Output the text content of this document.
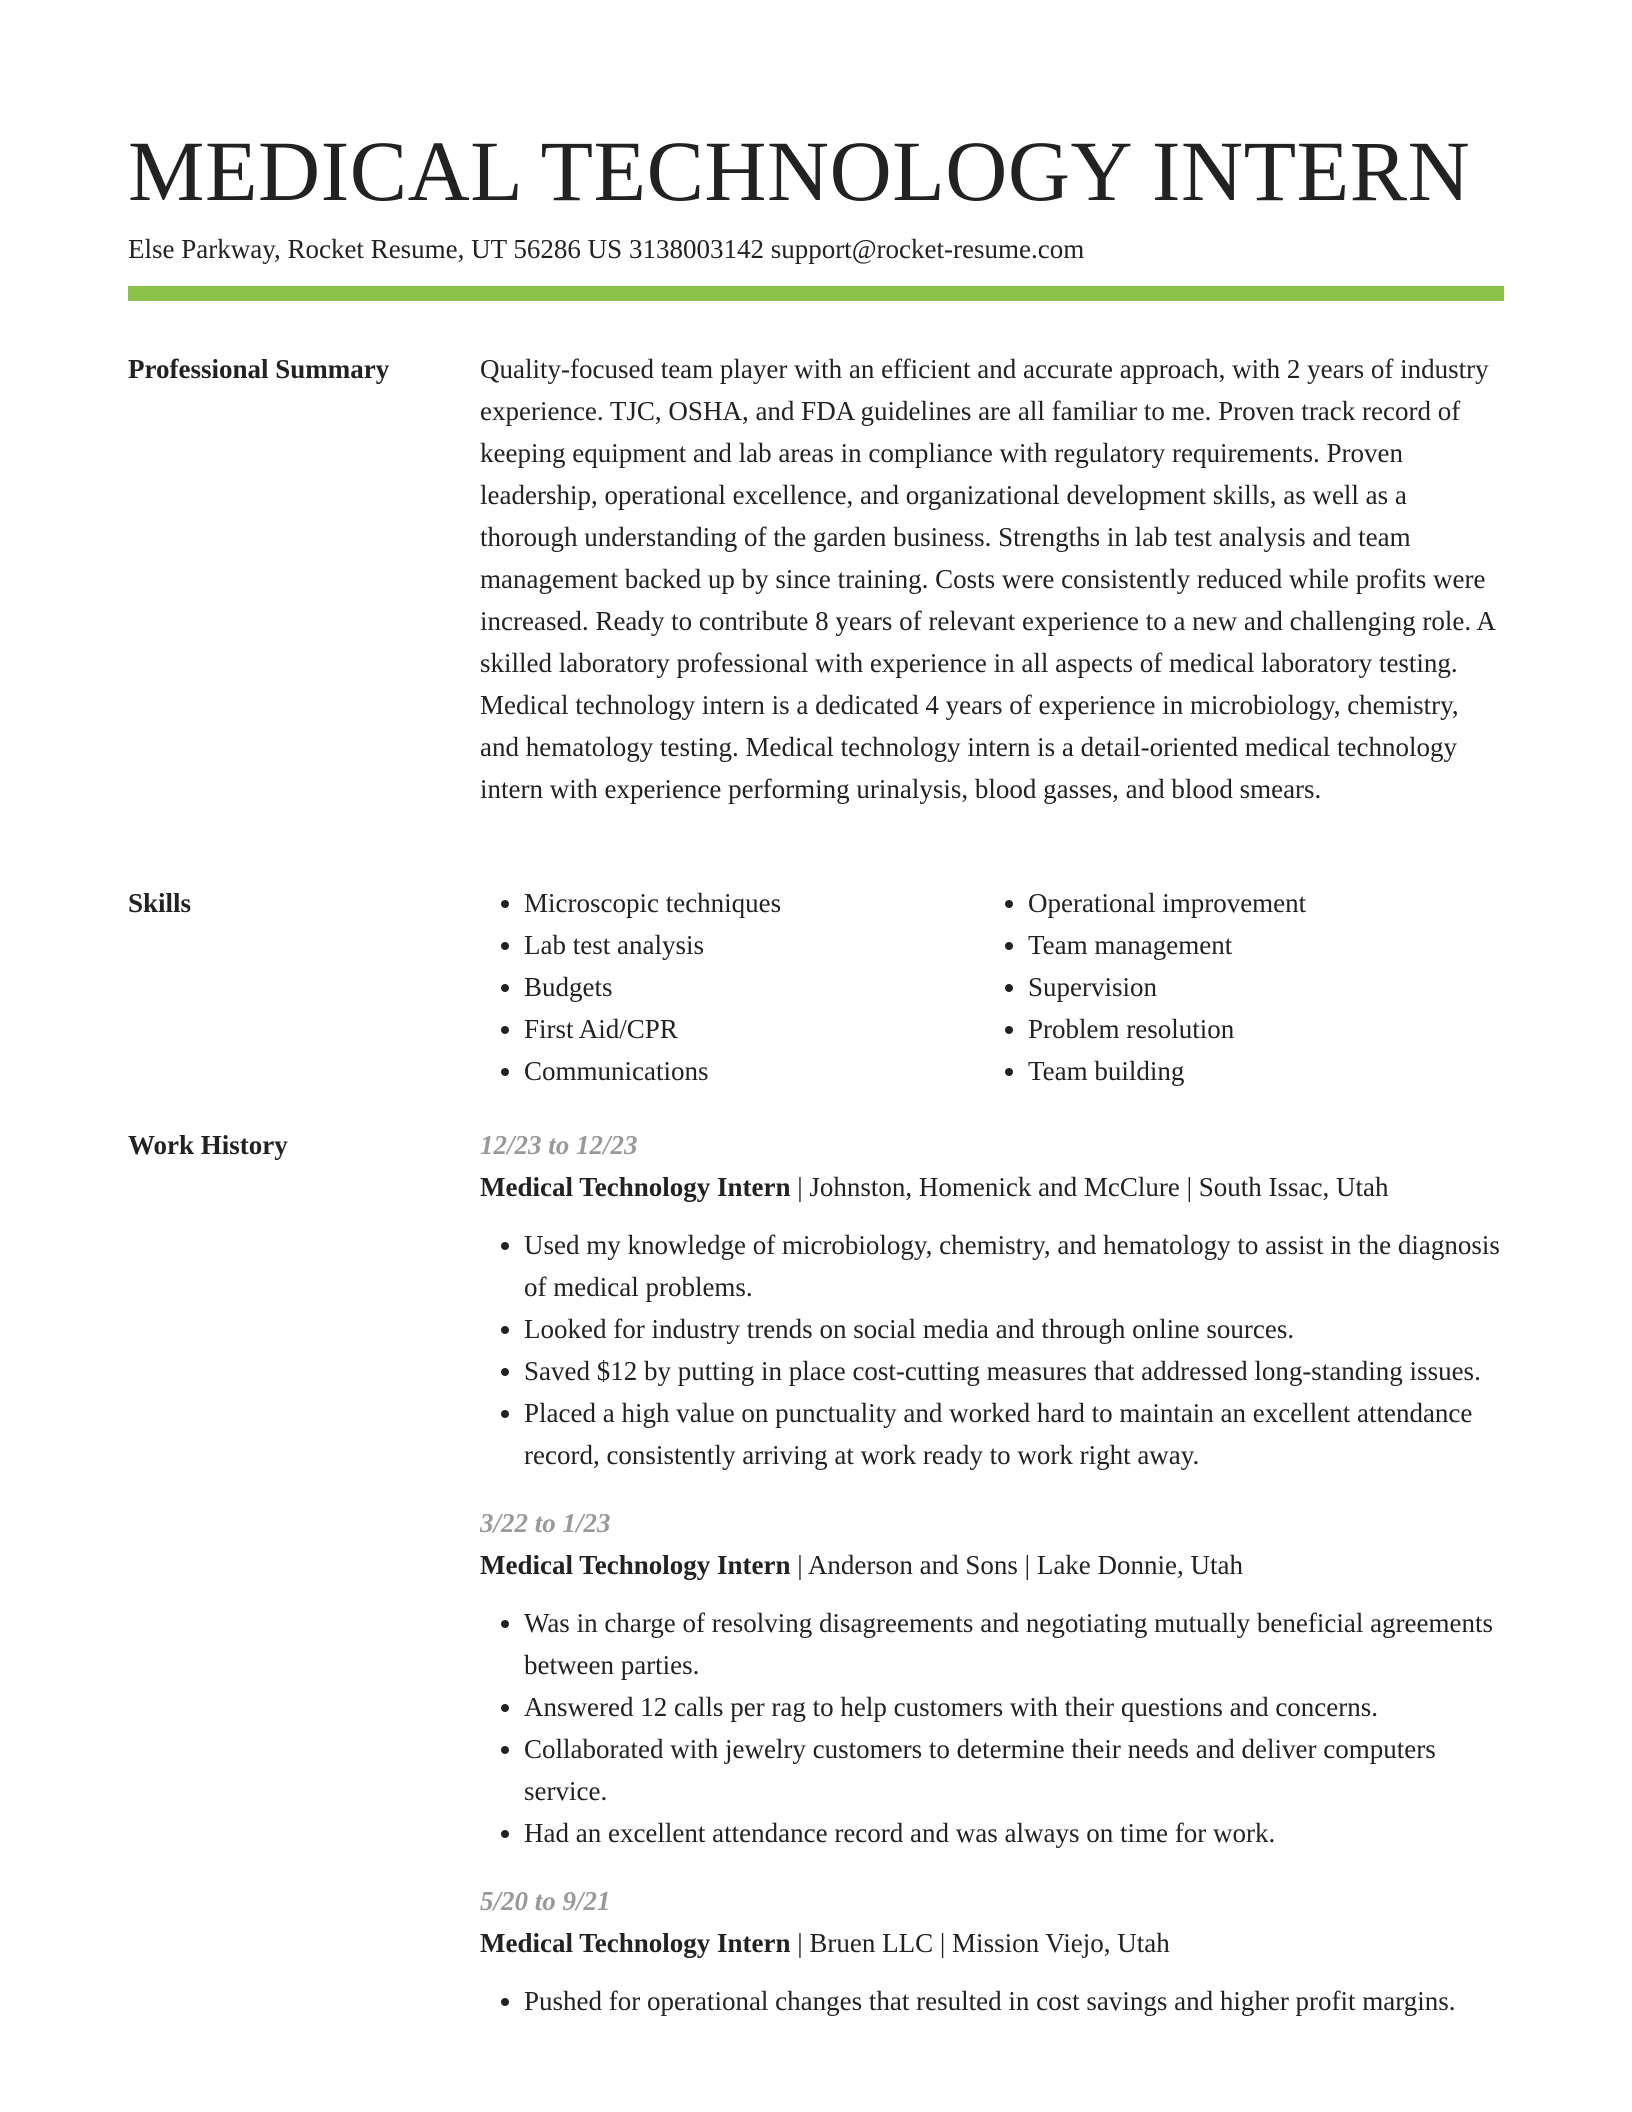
MEDICAL TECHNOLOGY INTERN
Else Parkway, Rocket Resume, UT 56286 US 3138003142 support@rocket-resume.com
Professional Summary	Quality-focused team player with an efficient and accurate approach, with 2 years of industry experience. TJC, OSHA, and FDA guidelines are all familiar to me. Proven track record of keeping equipment and lab areas in compliance with regulatory requirements. Proven leadership, operational excellence, and organizational development skills, as well as a thorough understanding of the garden business. Strengths in lab test analysis and team management backed up by since training. Costs were consistently reduced while profits were increased. Ready to contribute 8 years of relevant experience to a new and challenging role. A skilled laboratory professional with experience in all aspects of medical laboratory testing. Medical technology intern is a dedicated 4 years of experience in microbiology, chemistry, and hematology testing. Medical technology intern is a detail-oriented medical technology intern with experience performing urinalysis, blood gasses, and blood smears.

Skills
•	Microscopic techniques
• Lab test analysis
• Budgets
• First Aid/CPR
• Communications
• Operational improvement
• Team management
• Supervision
• Problem resolution
• Team building
Work History	12/23 to 12/23
Medical Technology Intern | Johnston, Homenick and McClure | South Issac, Utah
• Used my knowledge of microbiology, chemistry, and hematology to assist in the diagnosis of medical problems.
• Looked for industry trends on social media and through online sources.
• Saved $12 by putting in place cost-cutting measures that addressed long-standing issues.
• Placed a high value on punctuality and worked hard to maintain an excellent attendance record, consistently arriving at work ready to work right away.
3/22 to 1/23
Medical Technology Intern | Anderson and Sons | Lake Donnie, Utah
• Was in charge of resolving disagreements and negotiating mutually beneficial agreements between parties.
• Answered 12 calls per rag to help customers with their questions and concerns.
• Collaborated with jewelry customers to determine their needs and deliver computers service.
• Had an excellent attendance record and was always on time for work.
5/20 to 9/21
Medical Technology Intern | Bruen LLC | Mission Viejo, Utah
• Pushed for operational changes that resulted in cost savings and higher profit margins.
